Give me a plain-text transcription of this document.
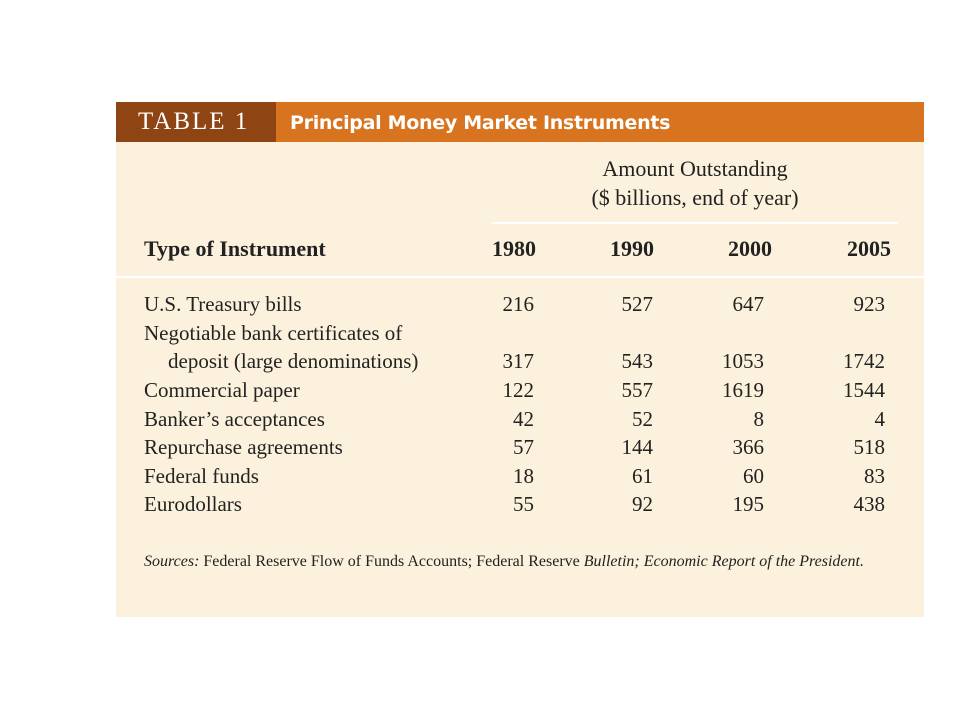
TABLE 1	Principal Money Market Instruments
Amount Outstanding
($ billions, end of year)
Type of Instrument	1980	1990	2000	2005
U.S. Treasury bills	216	527	647	923
Negotiable bank certificates of
deposit (large denominations)	317	543	1053	1742
Commercial paper	122	557	1619	1544
Banker’s acceptances	42	52	8	4
Repurchase agreements	57	144	366	518
Federal funds	18	61	60	83
Eurodollars	55	92	195	438
Sources: Federal Reserve Flow of Funds Accounts; Federal Reserve Bulletin; Economic Report of the President.
